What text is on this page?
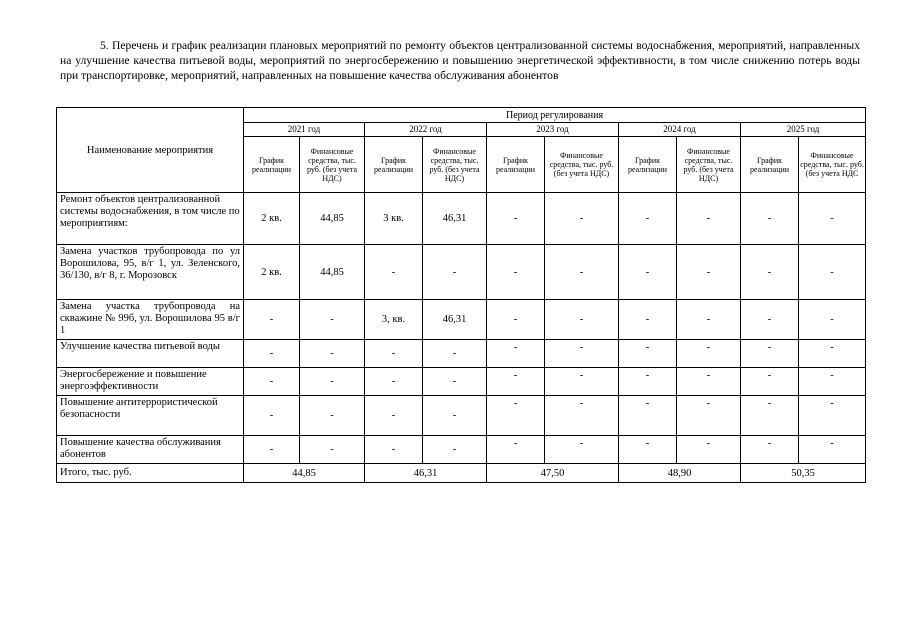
5. Перечень и график реализации плановых мероприятий по ремонту объектов централизованной системы водоснабжения, мероприятий, направленных на улучшение качества питьевой воды, мероприятий по энергосбережению и повышению энергетической эффективности, в том числе снижению потерь воды при транспортировке, мероприятий, направленных на повышение качества обслуживания абонентов
Наименование мероприятия	Период регулирования									
	2021 год		2022 год		2023 год		2024 год		2025 год	
	График реализации	Финансовые средства, тыс. руб. (без учета НДС)	График реализации	Финансовые средства, тыс. руб. (без учета НДС)	График реализации	Финансовые средства, тыс. руб. (без учета НДС)	График реализации	Финансовые средства, тыс. руб. (без учета НДС)	График реализации	Финансовые средства, тыс. руб. (без учета НДС
Ремонт объектов централизованной системы водоснабжения, в том числе по мероприятиям:	2 кв.	44,85	3 кв.	46,31	-	-	-	-	-	-
Замена участков трубопровода по ул Ворошилова, 95, в/г 1, ул. Зеленского, 36/130, в/г 8, г. Морозовск	2 кв.	44,85	-	-	-	-	-	-	-	-
Замена участка трубопровода на скважине № 99б, ул. Ворошилова 95 в/г 1	-	-	3, кв.	46,31	-	-	-	-	-	-
Улучшение качества питьевой воды	-	-	-	-	-	-	-	-	-	-
Энергосбережение и повышение энергоэффективности	-	-	-	-	-	-	-	-	-	-
Повышение антитеррористической безопасности	-	-	-	-	-	-	-	-	-	-
Повышение качества обслуживания абонентов	-	-	-	-	-	-	-	-	-	-
Итого, тыс. руб.	44,85		46,31		47,50		48,90		50,35	
